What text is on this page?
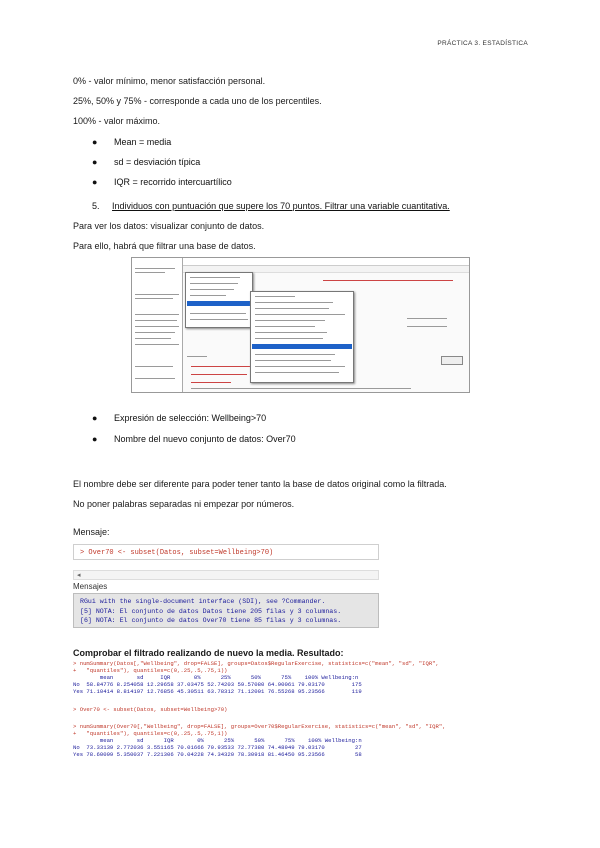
PRÁCTICA 3. ESTADÍSTICA
0% - valor mínimo, menor satisfacción personal.
25%, 50% y 75% - corresponde a cada uno de los percentiles.
100% - valor máximo.
● Mean = media
● sd = desviación típica
● IQR = recorrido intercuartílico
5. Individuos con puntuación que supere los 70 puntos. Filtrar una variable cuantitativa.
Para ver los datos: visualizar conjunto de datos.
Para ello, habrá que filtrar una base de datos.
● Expresión de selección: Wellbeing>70
● Nombre del nuevo conjunto de datos: Over70
El nombre debe ser diferente para poder tener tanto la base de datos original como la filtrada.
No poner palabras separadas ni empezar por números.
Mensaje:
> Over70 <- subset(Datos, subset=Wellbeing>70)
◂
Mensajes
RGui with the single-document interface (SDI), see ?Commander.
[5] NOTA: El conjunto de datos Datos tiene 205 filas y 3 columnas.
[6] NOTA: El conjunto de datos Over70 tiene 85 filas y 3 columnas.
Comprobar el filtrado realizando de nuevo la media. Resultado:
> numSummary(Datos[,"Wellbeing", drop=FALSE], groups=Datos$RegularExercise, statistics=c("mean", "sd", "IQR",
+   "quantiles"), quantiles=c(0,.25,.5,.75,1))
mean       sd     IQR       0%      25%      50%      75%    100% Wellbeing:n
No  58.84776 8.254058 12.29658 37.03475 52.74203 59.57080 64.90061 79.03170        175
Yes 71.10414 8.814197 12.76856 45.30511 63.78312 71.12001 76.55268 95.23566        119
> Over70 <- subset(Datos, subset=Wellbeing>70)
> numSummary(Over70[,"Wellbeing", drop=FALSE], groups=Over70$RegularExercise, statistics=c("mean", "sd", "IQR",
+   "quantiles"), quantiles=c(0,.25,.5,.75,1))
mean       sd      IQR       0%      25%      50%      75%    100% Wellbeing:n
No  73.33139 2.772036 3.551165 70.01666 70.93533 72.77380 74.48949 79.03170         27
Yes 78.60099 5.350037 7.221306 70.04228 74.34320 78.30918 81.46450 95.23566         58
